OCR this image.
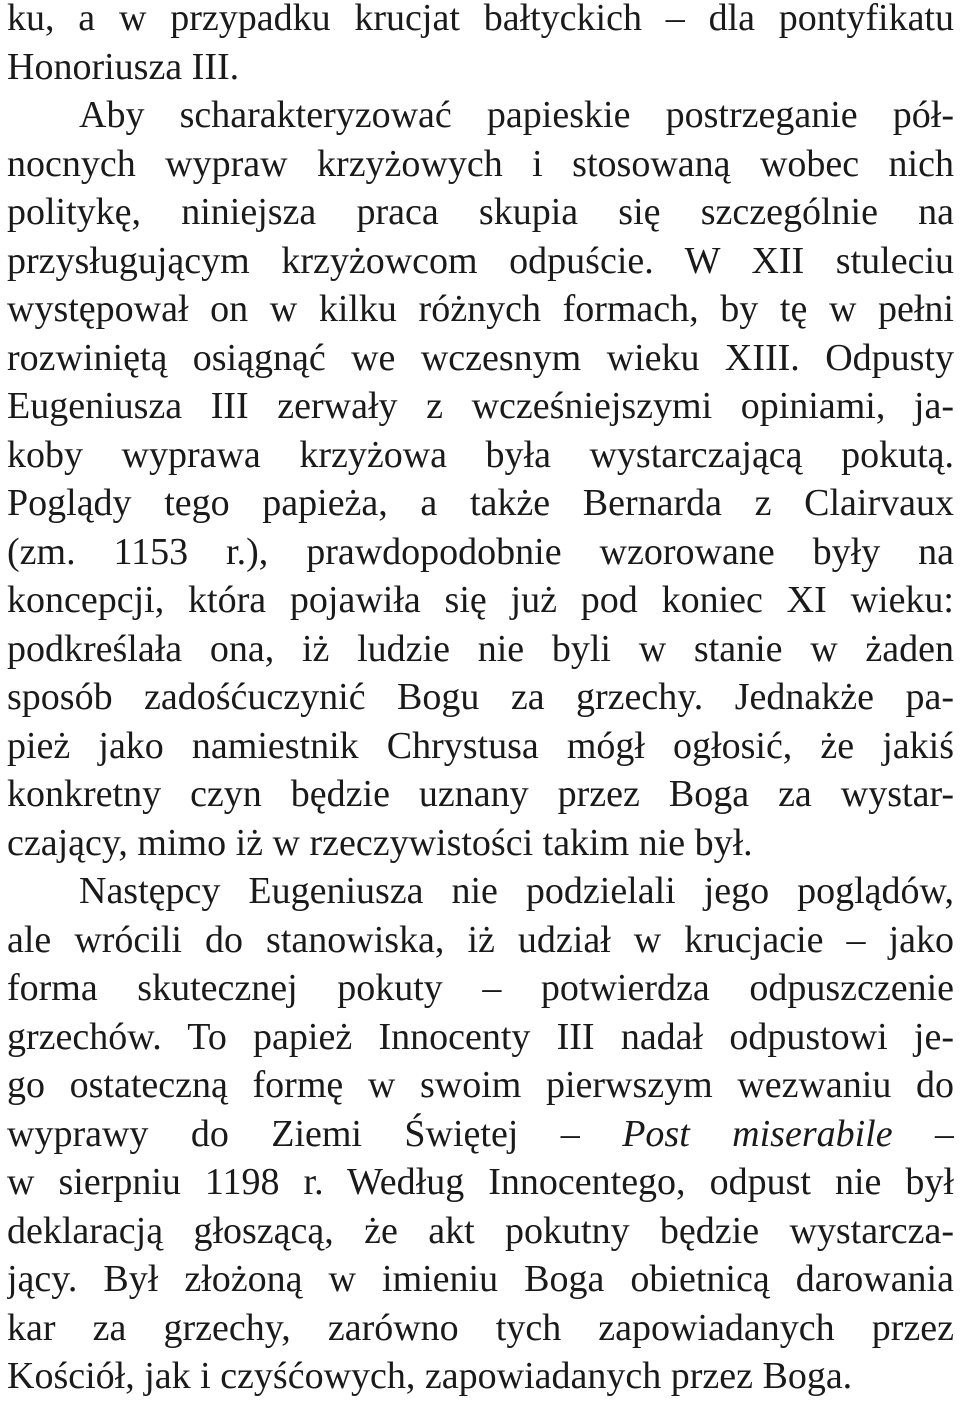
ku, a w przypadku krucjat bałtyckich – dla pontyfikatu
Honoriusza III.
Aby scharakteryzować papieskie postrzeganie pół-
nocnych wypraw krzyżowych i stosowaną wobec nich
politykę, niniejsza praca skupia się szczególnie na
przysługującym krzyżowcom odpuście. W XII stuleciu
występował on w kilku różnych formach, by tę w pełni
rozwiniętą osiągnąć we wczesnym wieku XIII. Odpusty
Eugeniusza III zerwały z wcześniejszymi opiniami, ja-
koby wyprawa krzyżowa była wystarczającą pokutą.
Poglądy tego papieża, a także Bernarda z Clairvaux
(zm. 1153 r.), prawdopodobnie wzorowane były na
koncepcji, która pojawiła się już pod koniec XI wieku:
podkreślała ona, iż ludzie nie byli w stanie w żaden
sposób zadośćuczynić Bogu za grzechy. Jednakże pa-
pież jako namiestnik Chrystusa mógł ogłosić, że jakiś
konkretny czyn będzie uznany przez Boga za wystar-
czający, mimo iż w rzeczywistości takim nie był.
Następcy Eugeniusza nie podzielali jego poglądów,
ale wrócili do stanowiska, iż udział w krucjacie – jako
forma skutecznej pokuty – potwierdza odpuszczenie
grzechów. To papież Innocenty III nadał odpustowi je-
go ostateczną formę w swoim pierwszym wezwaniu do
wyprawy do Ziemi Świętej – Post miserabile –
w sierpniu 1198 r. Według Innocentego, odpust nie był
deklaracją głoszącą, że akt pokutny będzie wystarcza-
jący. Był złożoną w imieniu Boga obietnicą darowania
kar za grzechy, zarówno tych zapowiadanych przez
Kościół, jak i czyśćowych, zapowiadanych przez Boga.
